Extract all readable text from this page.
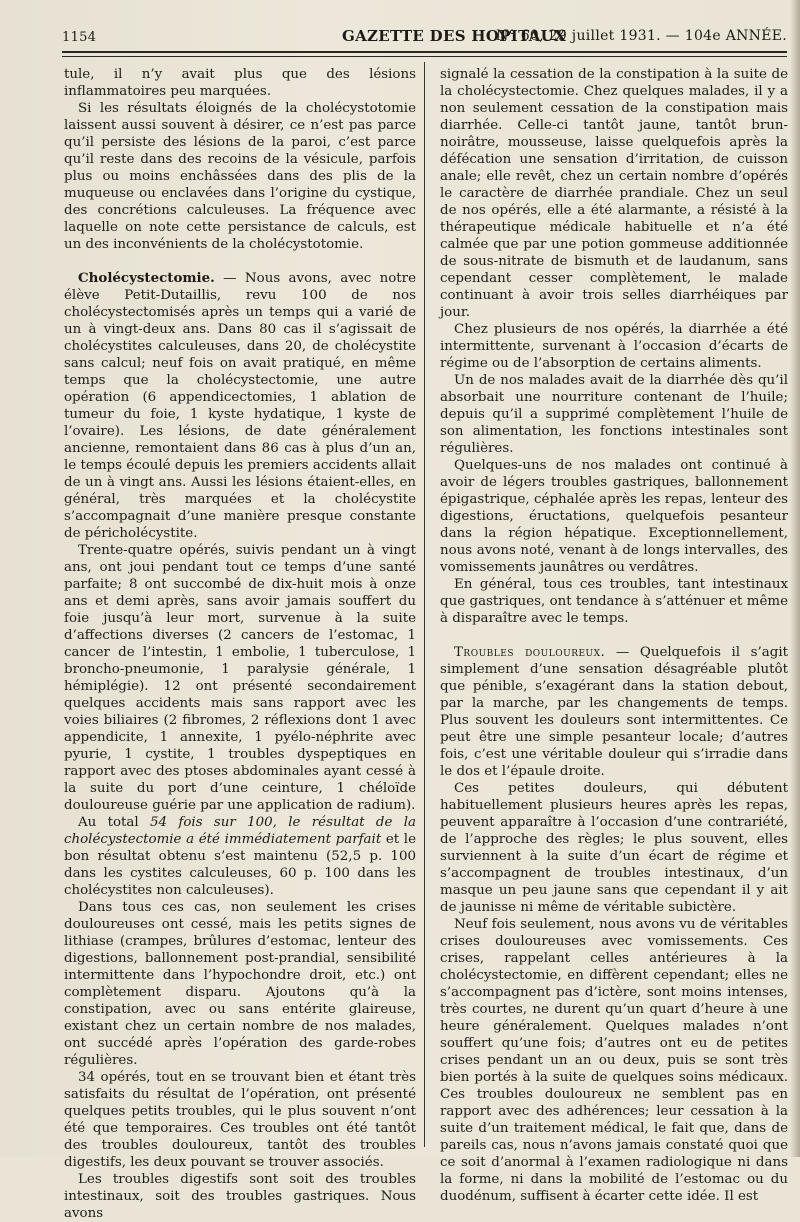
1154	GAZETTE DES HOPITAUX
N° 60, 29 juillet 1931. — 104e ANNÉE.

tule, il n’y avait plus que des lésions inflammatoires peu marquées.

Si les résultats éloignés de la cholécystotomie laissent aussi souvent à désirer, ce n’est pas parce qu’il persiste des lésions de la paroi, c’est parce qu’il reste dans des recoins de la vésicule, parfois plus ou moins enchâssées dans des plis de la muqueuse ou enclavées dans l’origine du cystique, des concrétions calculeuses. La fréquence avec laquelle on note cette persistance de calculs, est un des inconvénients de la cholécystotomie.

Cholécystectomie. — Nous avons, avec notre élève Petit-Dutaillis, revu 100 de nos cholécystectomisés après un temps qui a varié de un à vingt-deux ans. Dans 80 cas il s’agissait de cholécystites calculeuses, dans 20, de cholécystite sans calcul; neuf fois on avait pratiqué, en même temps que la cholécystectomie, une autre opération (6 appendicectomies, 1 ablation de tumeur du foie, 1 kyste hydatique, 1 kyste de l’ovaire). Les lésions, de date généralement ancienne, remontaient dans 86 cas à plus d’un an, le temps écoulé depuis les premiers accidents allait de un à vingt ans. Aussi les lésions étaient-elles, en général, très marquées et la cholécystite s’accompagnait d’une manière presque constante de péricholécystite.

Trente-quatre opérés, suivis pendant un à vingt ans, ont joui pendant tout ce temps d’une santé parfaite; 8 ont succombé de dix-huit mois à onze ans et demi après, sans avoir jamais souffert du foie jusqu’à leur mort, survenue à la suite d’affections diverses (2 cancers de l’estomac, 1 cancer de l’intestin, 1 embolie, 1 tuberculose, 1 broncho-pneumonie, 1 paralysie générale, 1 hémiplégie). 12 ont présenté secondairement quelques accidents mais sans rapport avec les voies biliaires (2 fibromes, 2 réflexions dont 1 avec appendicite, 1 annexite, 1 pyélo-néphrite avec pyurie, 1 cystite, 1 troubles dyspeptiques en rapport avec des ptoses abdominales ayant cessé à la suite du port d’une ceinture, 1 chéloïde douloureuse guérie par une application de radium).

Au total 54 fois sur 100, le résultat de la cholécystectomie a été immédiatement parfait et le bon résultat obtenu s’est maintenu (52,5 p. 100 dans les cystites calculeuses, 60 p. 100 dans les cholécystites non calculeuses).

Dans tous ces cas, non seulement les crises douloureuses ont cessé, mais les petits signes de lithiase (crampes, brûlures d’estomac, lenteur des digestions, ballonnement post-prandial, sensibilité intermittente dans l’hypochondre droit, etc.) ont complètement disparu. Ajoutons qu’à la constipation, avec ou sans entérite glaireuse, existant chez un certain nombre de nos malades, ont succédé après l’opération des garde-robes régulières.

34 opérés, tout en se trouvant bien et étant très satisfaits du résultat de l’opération, ont présenté quelques petits troubles, qui le plus souvent n’ont été que temporaires. Ces troubles ont été tantôt des troubles douloureux, tantôt des troubles digestifs, les deux pouvant se trouver associés.

Les troubles digestifs sont soit des troubles intestinaux, soit des troubles gastriques. Nous avons

signalé la cessation de la constipation à la suite de la cholécystectomie. Chez quelques malades, il y a non seulement cessation de la constipation mais diarrhée. Celle-ci tantôt jaune, tantôt brun-noirâtre, mousseuse, laisse quelquefois après la défécation une sensation d’irritation, de cuisson anale; elle revêt, chez un certain nombre d’opérés le caractère de diarrhée prandiale. Chez un seul de nos opérés, elle a été alarmante, a résisté à la thérapeutique médicale habituelle et n’a été calmée que par une potion gommeuse additionnée de sous-nitrate de bismuth et de laudanum, sans cependant cesser complètement, le malade continuant à avoir trois selles diarrhéiques par jour.

Chez plusieurs de nos opérés, la diarrhée a été intermittente, survenant à l’occasion d’écarts de régime ou de l’absorption de certains aliments.

Un de nos malades avait de la diarrhée dès qu’il absorbait une nourriture contenant de l’huile; depuis qu’il a supprimé complètement l’huile de son alimentation, les fonctions intestinales sont régulières.

Quelques-uns de nos malades ont continué à avoir de légers troubles gastriques, ballonnement épigastrique, céphalée après les repas, lenteur des digestions, éructations, quelquefois pesanteur dans la région hépatique. Exceptionnellement, nous avons noté, venant à de longs intervalles, des vomissements jaunâtres ou verdâtres.

En général, tous ces troubles, tant intestinaux que gastriques, ont tendance à s’atténuer et même à disparaître avec le temps.

Troubles douloureux. — Quelquefois il s’agit simplement d’une sensation désagréable plutôt que pénible, s’exagérant dans la station debout, par la marche, par les changements de temps. Plus souvent les douleurs sont intermittentes. Ce peut être une simple pesanteur locale; d’autres fois, c’est une véritable douleur qui s’irradie dans le dos et l’épaule droite.

Ces petites douleurs, qui débutent habituellement plusieurs heures après les repas, peuvent apparaître à l’occasion d’une contrariété, de l’approche des règles; le plus souvent, elles surviennent à la suite d’un écart de régime et s’accompagnent de troubles intestinaux, d’un masque un peu jaune sans que cependant il y ait de jaunisse ni même de véritable subictère.

Neuf fois seulement, nous avons vu de véritables crises douloureuses avec vomissements. Ces crises, rappelant celles antérieures à la cholécystectomie, en diffèrent cependant; elles ne s’accompagnent pas d’ictère, sont moins intenses, très courtes, ne durent qu’un quart d’heure à une heure généralement. Quelques malades n’ont souffert qu’une fois; d’autres ont eu de petites crises pendant un an ou deux, puis se sont très bien portés à la suite de quelques soins médicaux. Ces troubles douloureux ne semblent pas en rapport avec des adhérences; leur cessation à la suite d’un traitement médical, le fait que, dans de pareils cas, nous n’avons jamais constaté quoi que ce soit d’anormal à l’examen radiologique ni dans la forme, ni dans la mobilité de l’estomac ou du duodénum, suffisent à écarter cette idée. Il est
